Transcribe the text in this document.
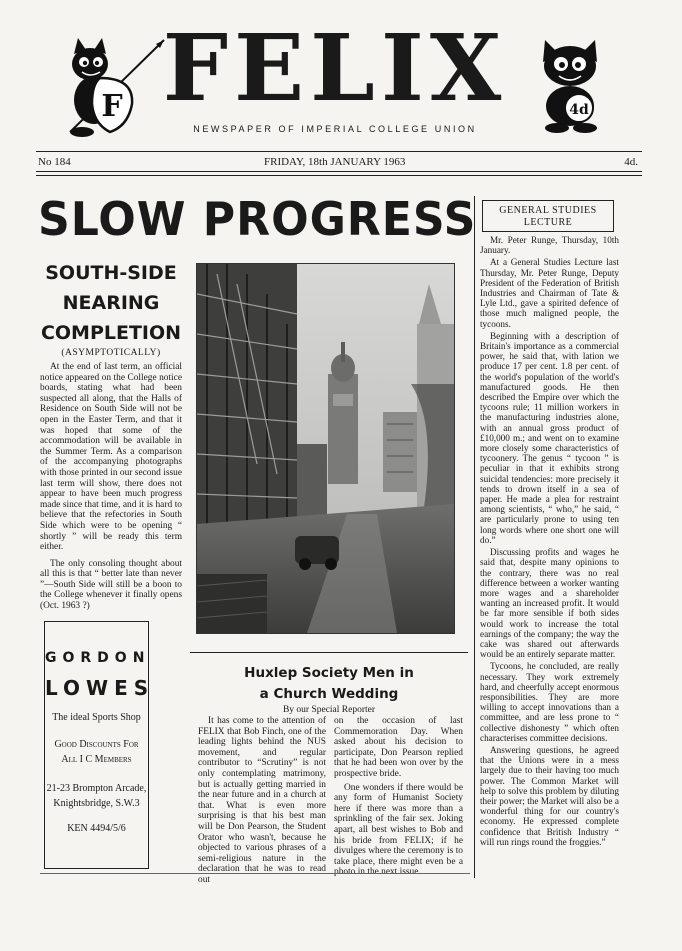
F FELIX
NEWSPAPER OF IMPERIAL COLLEGE UNION
4d
No 184	FRIDAY, 18th JANUARY 1963	4d.
SLOW PROGRESS
SOUTH-SIDE
NEARING
COMPLETION
(ASYMPTOTICALLY)

At the end of last term, an official notice appeared on the College notice boards, stating what had been suspected all along, that the Halls of Residence on South Side will not be open in the Easter Term, and that it was hoped that some of the accommodation will be available in the Summer Term. As a comparison of the accompanying photographs with those printed in our second issue last term will show, there does not appear to have been much progress made since that time, and it is hard to believe that the refectories in South Side which were to be opening “ shortly ” will be ready this term either.

The only consoling thought about all this is that “ better late than never ”—South Side will still be a boon to the College whenever it finally opens (Oct. 1963 ?)

GORDON
LOWES
The ideal Sports Shop
Good Discounts For
All I C Members
21-23 Brompton Arcade,
Knightsbridge, S.W.3
KEN 4494/5/6
Huxlep Society Men in
a Church Wedding
By our Special Reporter

It has come to the attention of FELIX that Bob Finch, one of the leading lights behind the NUS movement, and regular contributor to “Scrutiny” is not only contemplating matrimony, but is actually getting married in the near future and in a church at that. What is even more surprising is that his best man will be Don Pearson, the Student Orator who wasn't, because he objected to various phrases of a semi-religious nature in the declaration that he was to read out

on the occasion of last Commemoration Day. When asked about his decision to participate, Don Pearson replied that he had been won over by the prospective bride.

One wonders if there would be any form of Humanist Society here if there was more than a sprinkling of the fair sex. Joking apart, all best wishes to Bob and his bride from FELIX; if he divulges where the ceremony is to take place, there might even be a photo in the next issue.

GENERAL STUDIES
LECTURE

Mr. Peter Runge, Thursday, 10th January.

At a General Studies Lecture last Thursday, Mr. Peter Runge, Deputy President of the Federation of British Industries and Chairman of Tate & Lyle Ltd., gave a spirited defence of those much maligned people, the tycoons.

Beginning with a description of Britain's importance as a commercial power, he said that, with lation we produce 17 per cent. 1.8 per cent. of the world's population of the world's manufactured goods. He then described the Empire over which the tycoons rule; 11 million workers in the manufacturing industries alone, with an annual gross product of £10,000 m.; and went on to examine more closely some characteristics of tycoonery. The genus “ tycoon ” is peculiar in that it exhibits strong suicidal tendencies: more precisely it tends to drown itself in a sea of paper. He made a plea for restraint among scientists, “ who,” he said, “ are particularly prone to using ten long words where one short one will do.”

Discussing profits and wages he said that, despite many opinions to the contrary, there was no real difference between a worker wanting more wages and a shareholder wanting an increased profit. It would be far more sensible if both sides would work to increase the total earnings of the company; the way the cake was shared out afterwards would be an entirely separate matter.

Tycoons, he concluded, are really necessary. They work extremely hard, and cheerfully accept enormous responsibilities. They are more willing to accept innovations than a committee, and are less prone to “ collective dishonesty ” which often characterises committee decisions.

Answering questions, he agreed that the Unions were in a mess largely due to their having too much power. The Common Market will help to solve this problem by diluting their power; the Market will also be a wonderful thing for our country's economy. He expressed complete confidence that British Industry “ will run rings round the froggies.”
